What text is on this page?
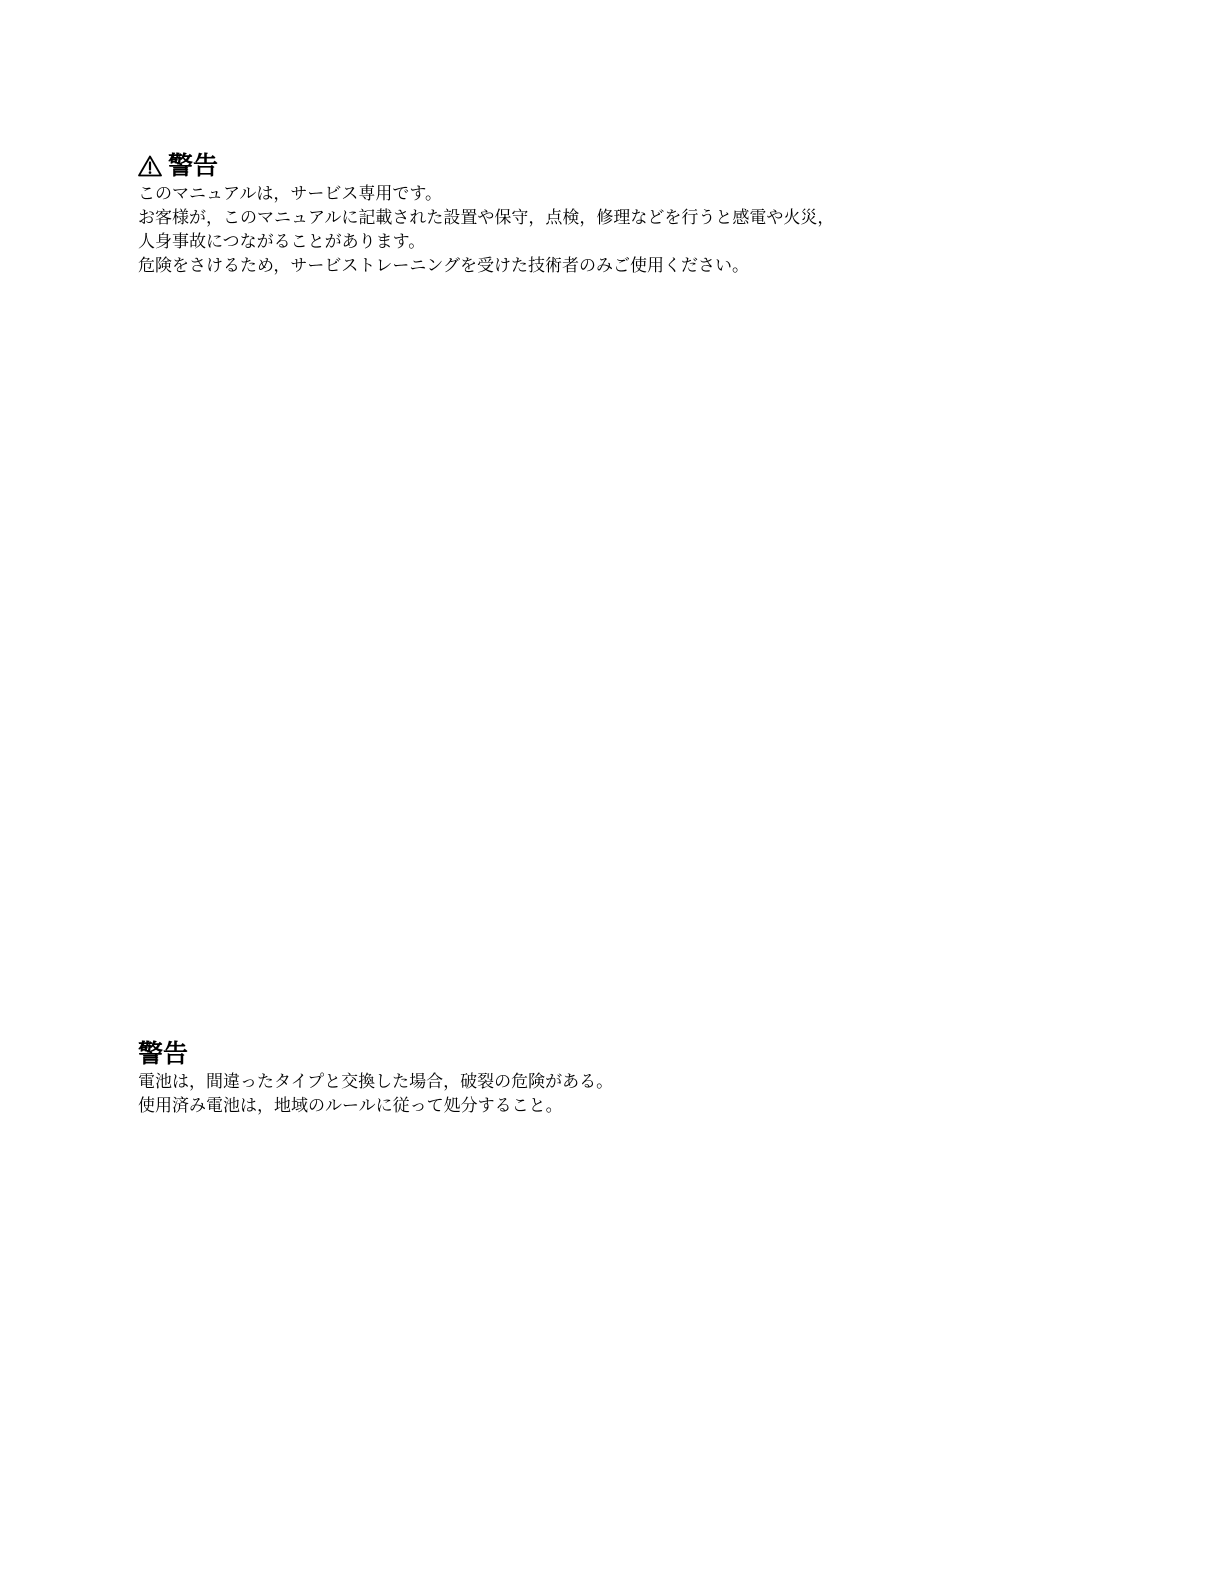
警告
このマニュアルは，サービス専用です。
お客様が，このマニュアルに記載された設置や保守，点検，修理などを行うと感電や火災，
人身事故につながることがあります。
危険をさけるため，サービストレーニングを受けた技術者のみご使用ください。
警告
電池は，間違ったタイプと交換した場合，破裂の危険がある。
使用済み電池は，地域のルールに従って処分すること。
